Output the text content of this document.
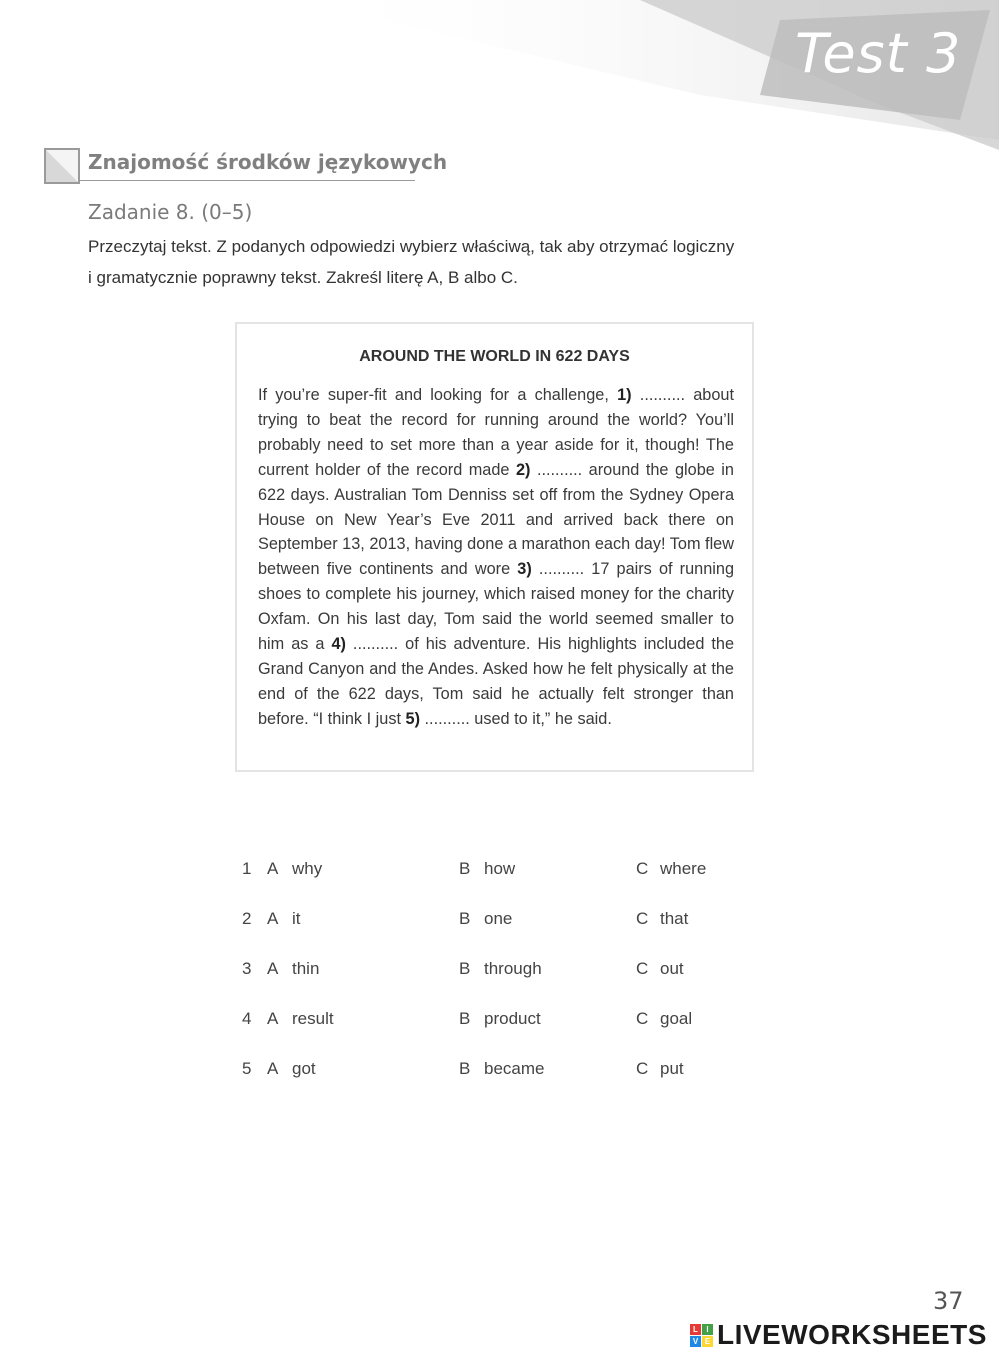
Test 3
Znajomość środków językowych
Zadanie 8. (0–5)
Przeczytaj tekst. Z podanych odpowiedzi wybierz właściwą, tak aby otrzymać logiczny
i gramatycznie poprawny tekst. Zakreśl literę A, B albo C.
AROUND THE WORLD IN 622 DAYS

If you’re super-fit and looking for a challenge, 1) .......... about trying to beat the record for running around the world? You’ll probably need to set more than a year aside for it, though! The current holder of the record made 2) .......... around the globe in 622 days. Australian Tom Denniss set off from the Sydney Opera House on New Year’s Eve 2011 and arrived back there on September 13, 2013, having done a marathon each day! Tom flew between five continents and wore 3) .......... 17 pairs of running shoes to complete his journey, which raised money for the charity Oxfam. On his last day, Tom said the world seemed smaller to him as a 4) .......... of his adventure. His highlights included the Grand Canyon and the Andes. Asked how he felt physically at the end of the 622 days, Tom said he actually felt stronger than before. “I think I just 5) .......... used to it,” he said.

1 A why	B how	C where
2 A it	B one	C that
3 A thin	B through	C out
4 A result	B product	C goal
5 A got	B became	C put
37
L	I
V E LIVEWORKSHEETS
